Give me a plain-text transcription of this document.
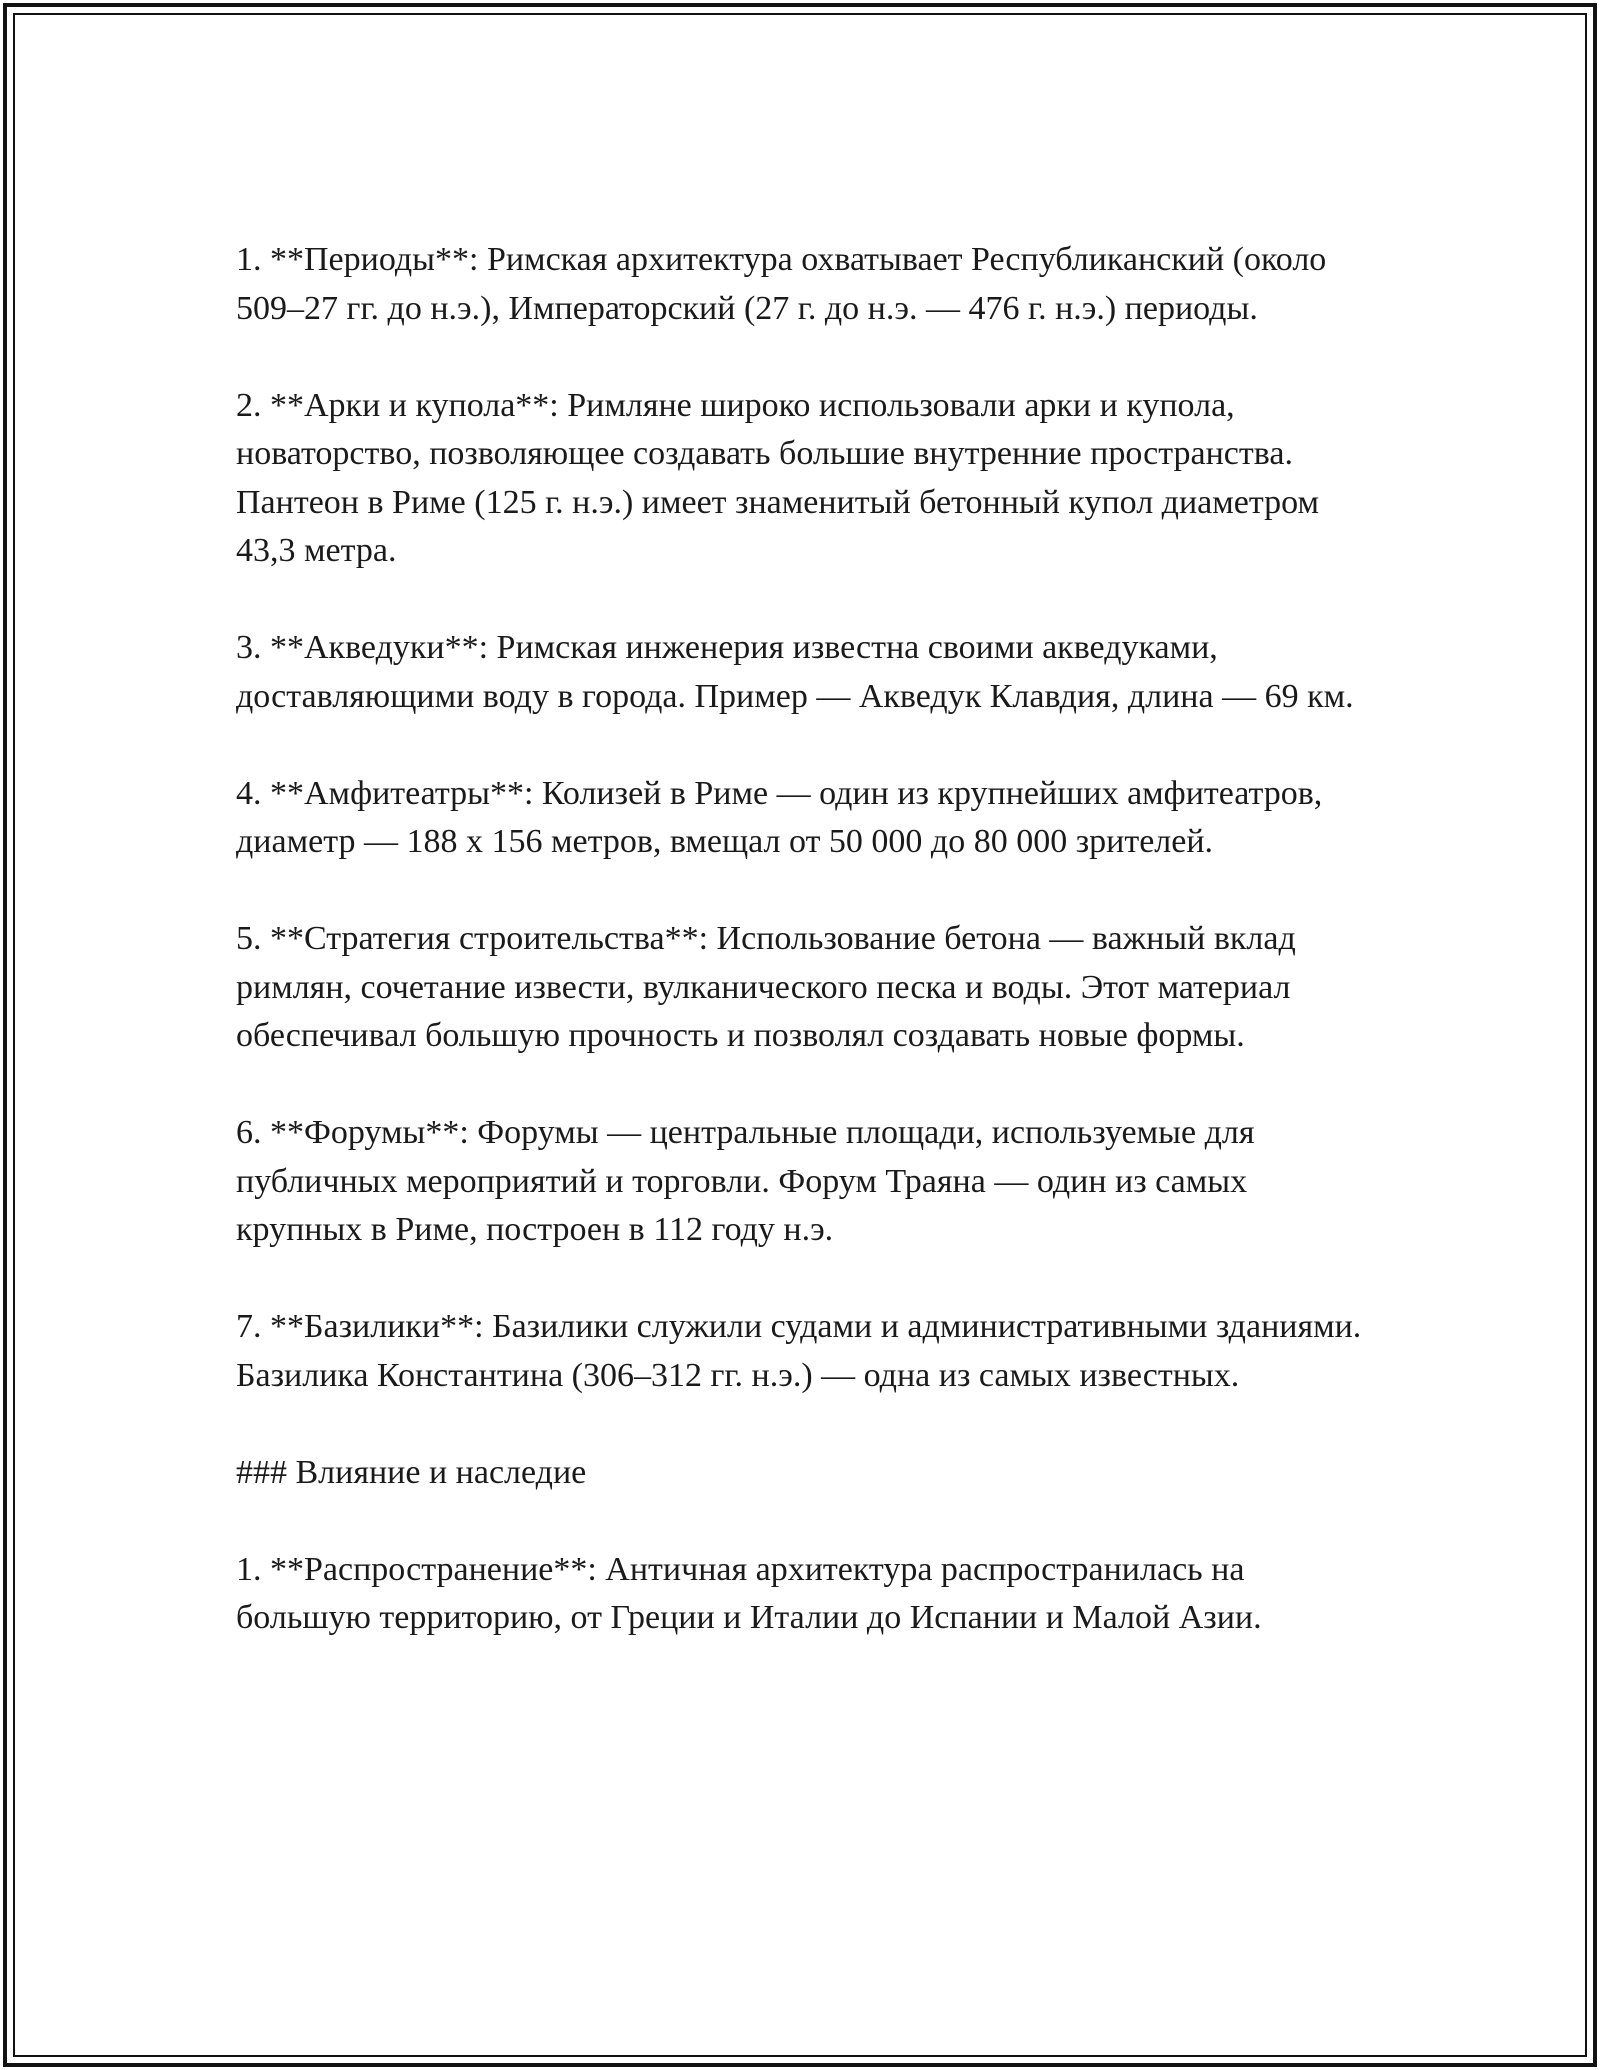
1. **Периоды**: Римская архитектура охватывает Республиканский (около 509–27 гг. до н.э.), Императорский (27 г. до н.э. — 476 г. н.э.) периоды.

2. **Арки и купола**: Римляне широко использовали арки и купола, новаторство, позволяющее создавать большие внутренние пространства. Пантеон в Риме (125 г. н.э.) имеет знаменитый бетонный купол диаметром 43,3 метра.

3. **Акведуки**: Римская инженерия известна своими акведуками, доставляющими воду в города. Пример — Акведук Клавдия, длина — 69 км.

4. **Амфитеатры**: Колизей в Риме — один из крупнейших амфитеатров, диаметр — 188 x 156 метров, вмещал от 50 000 до 80 000 зрителей.

5. **Стратегия строительства**: Использование бетона — важный вклад римлян, сочетание извести, вулканического песка и воды. Этот материал обеспечивал большую прочность и позволял создавать новые формы.

6. **Форумы**: Форумы — центральные площади, используемые для публичных мероприятий и торговли. Форум Траяна — один из самых крупных в Риме, построен в 112 году н.э.

7. **Базилики**: Базилики служили судами и административными зданиями. Базилика Константина (306–312 гг. н.э.) — одна из самых известных.

### Влияние и наследие

1. **Распространение**: Античная архитектура распространилась на большую территорию, от Греции и Италии до Испании и Малой Азии.
